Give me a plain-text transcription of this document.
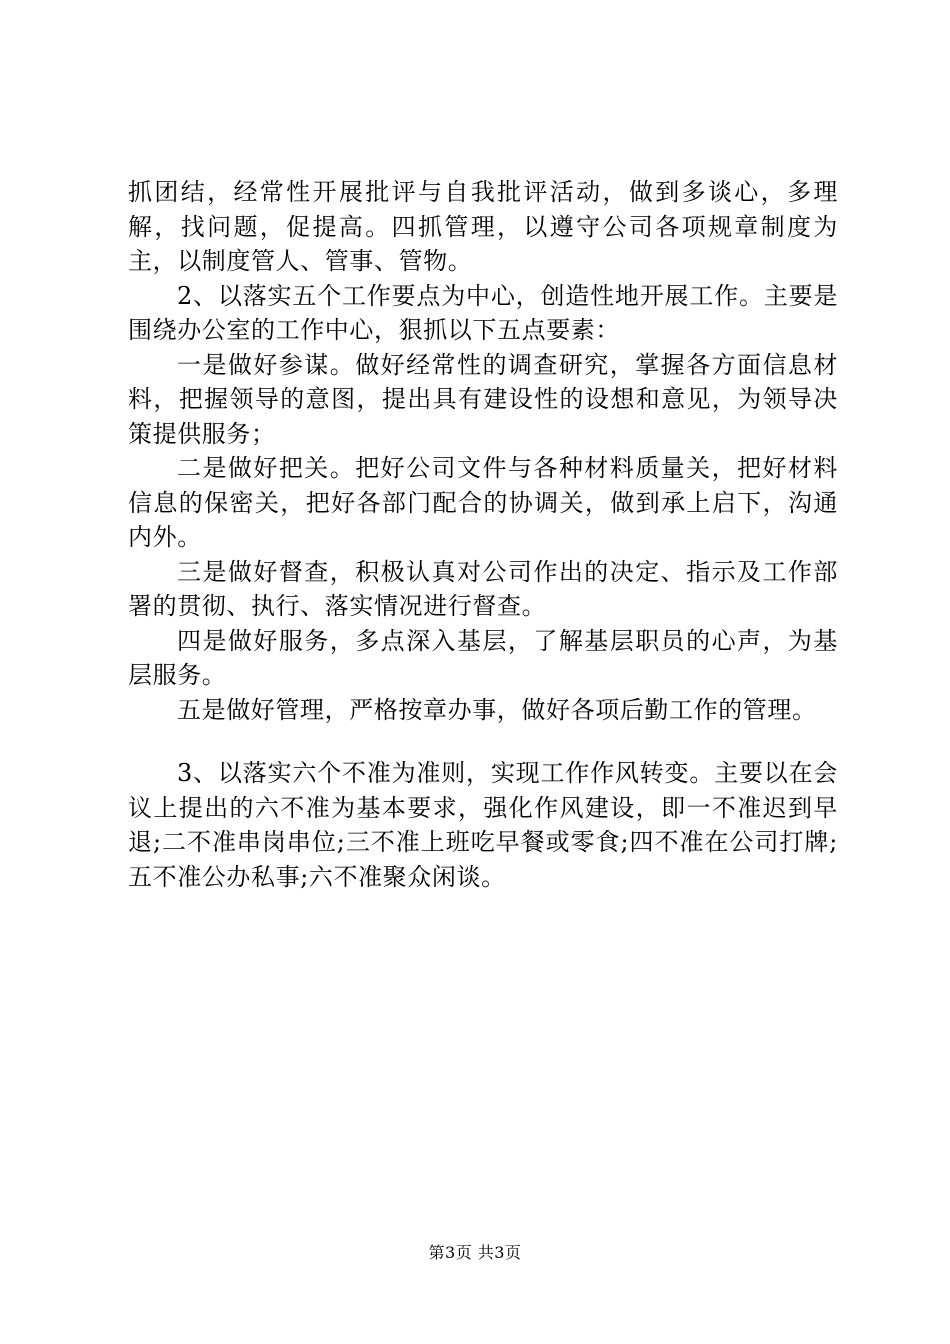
抓团结，经常性开展批评与自我批评活动，做到多谈心，多理解，找问题，促提高。四抓管理，以遵守公司各项规章制度为主，以制度管人、管事、管物。

2、以落实五个工作要点为中心，创造性地开展工作。主要是围绕办公室的工作中心，狠抓以下五点要素：

一是做好参谋。做好经常性的调查研究，掌握各方面信息材料，把握领导的意图，提出具有建设性的设想和意见，为领导决策提供服务；

二是做好把关。把好公司文件与各种材料质量关，把好材料信息的保密关，把好各部门配合的协调关，做到承上启下，沟通内外。

三是做好督查，积极认真对公司作出的决定、指示及工作部署的贯彻、执行、落实情况进行督查。

四是做好服务，多点深入基层，了解基层职员的心声，为基层服务。

五是做好管理，严格按章办事，做好各项后勤工作的管理。

3、以落实六个不准为准则，实现工作作风转变。主要以在会议上提出的六不准为基本要求，强化作风建设，即一不准迟到早退;二不准串岗串位;三不准上班吃早餐或零食;四不准在公司打牌;五不准公办私事;六不准聚众闲谈。

第3页 共3页
